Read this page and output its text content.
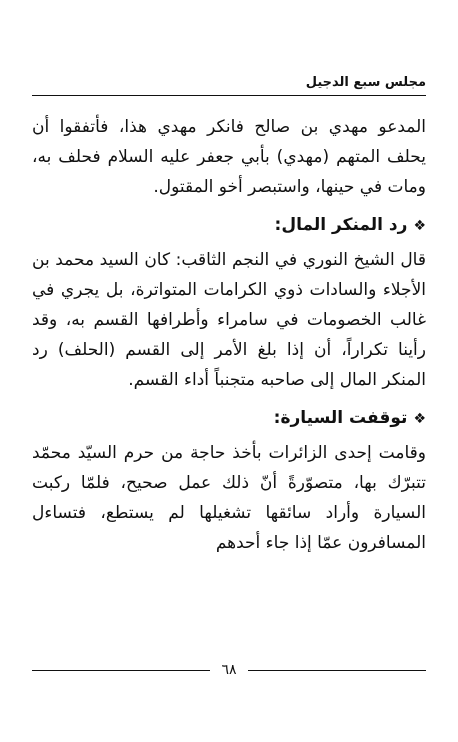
مجلس سبع الدجيل

المدعو مهدي بن صالح فانكر مهدي هذا، فأتفقوا أن يحلف المتهم (مهدي) بأبي جعفر عليه السلام فحلف به، ومات في حينها، واستبصر أخو المقتول.

❖رد المنكر المال:

قال الشيخ النوري في النجم الثاقب: كان السيد محمد بن الأجلاء والسادات ذوي الكرامات المتواترة، بل يجري في غالب الخصومات في سامراء وأطرافها القسم به، وقد رأينا تكراراً، أن إذا بلغ الأمر إلى القسم (الحلف) رد المنكر المال إلى صاحبه متجنباً أداء القسم.

❖توقفت السيارة:

وقامت إحدى الزائرات بأخذ حاجة من حرم السيّد محمّد تتبرّك بها، متصوّرةً أنّ ذلك عمل صحيح، فلمّا ركبت السيارة وأراد سائقها تشغيلها لم يستطع، فتساءل المسافرون عمّا إذا جاء أحدهم

٦٨
